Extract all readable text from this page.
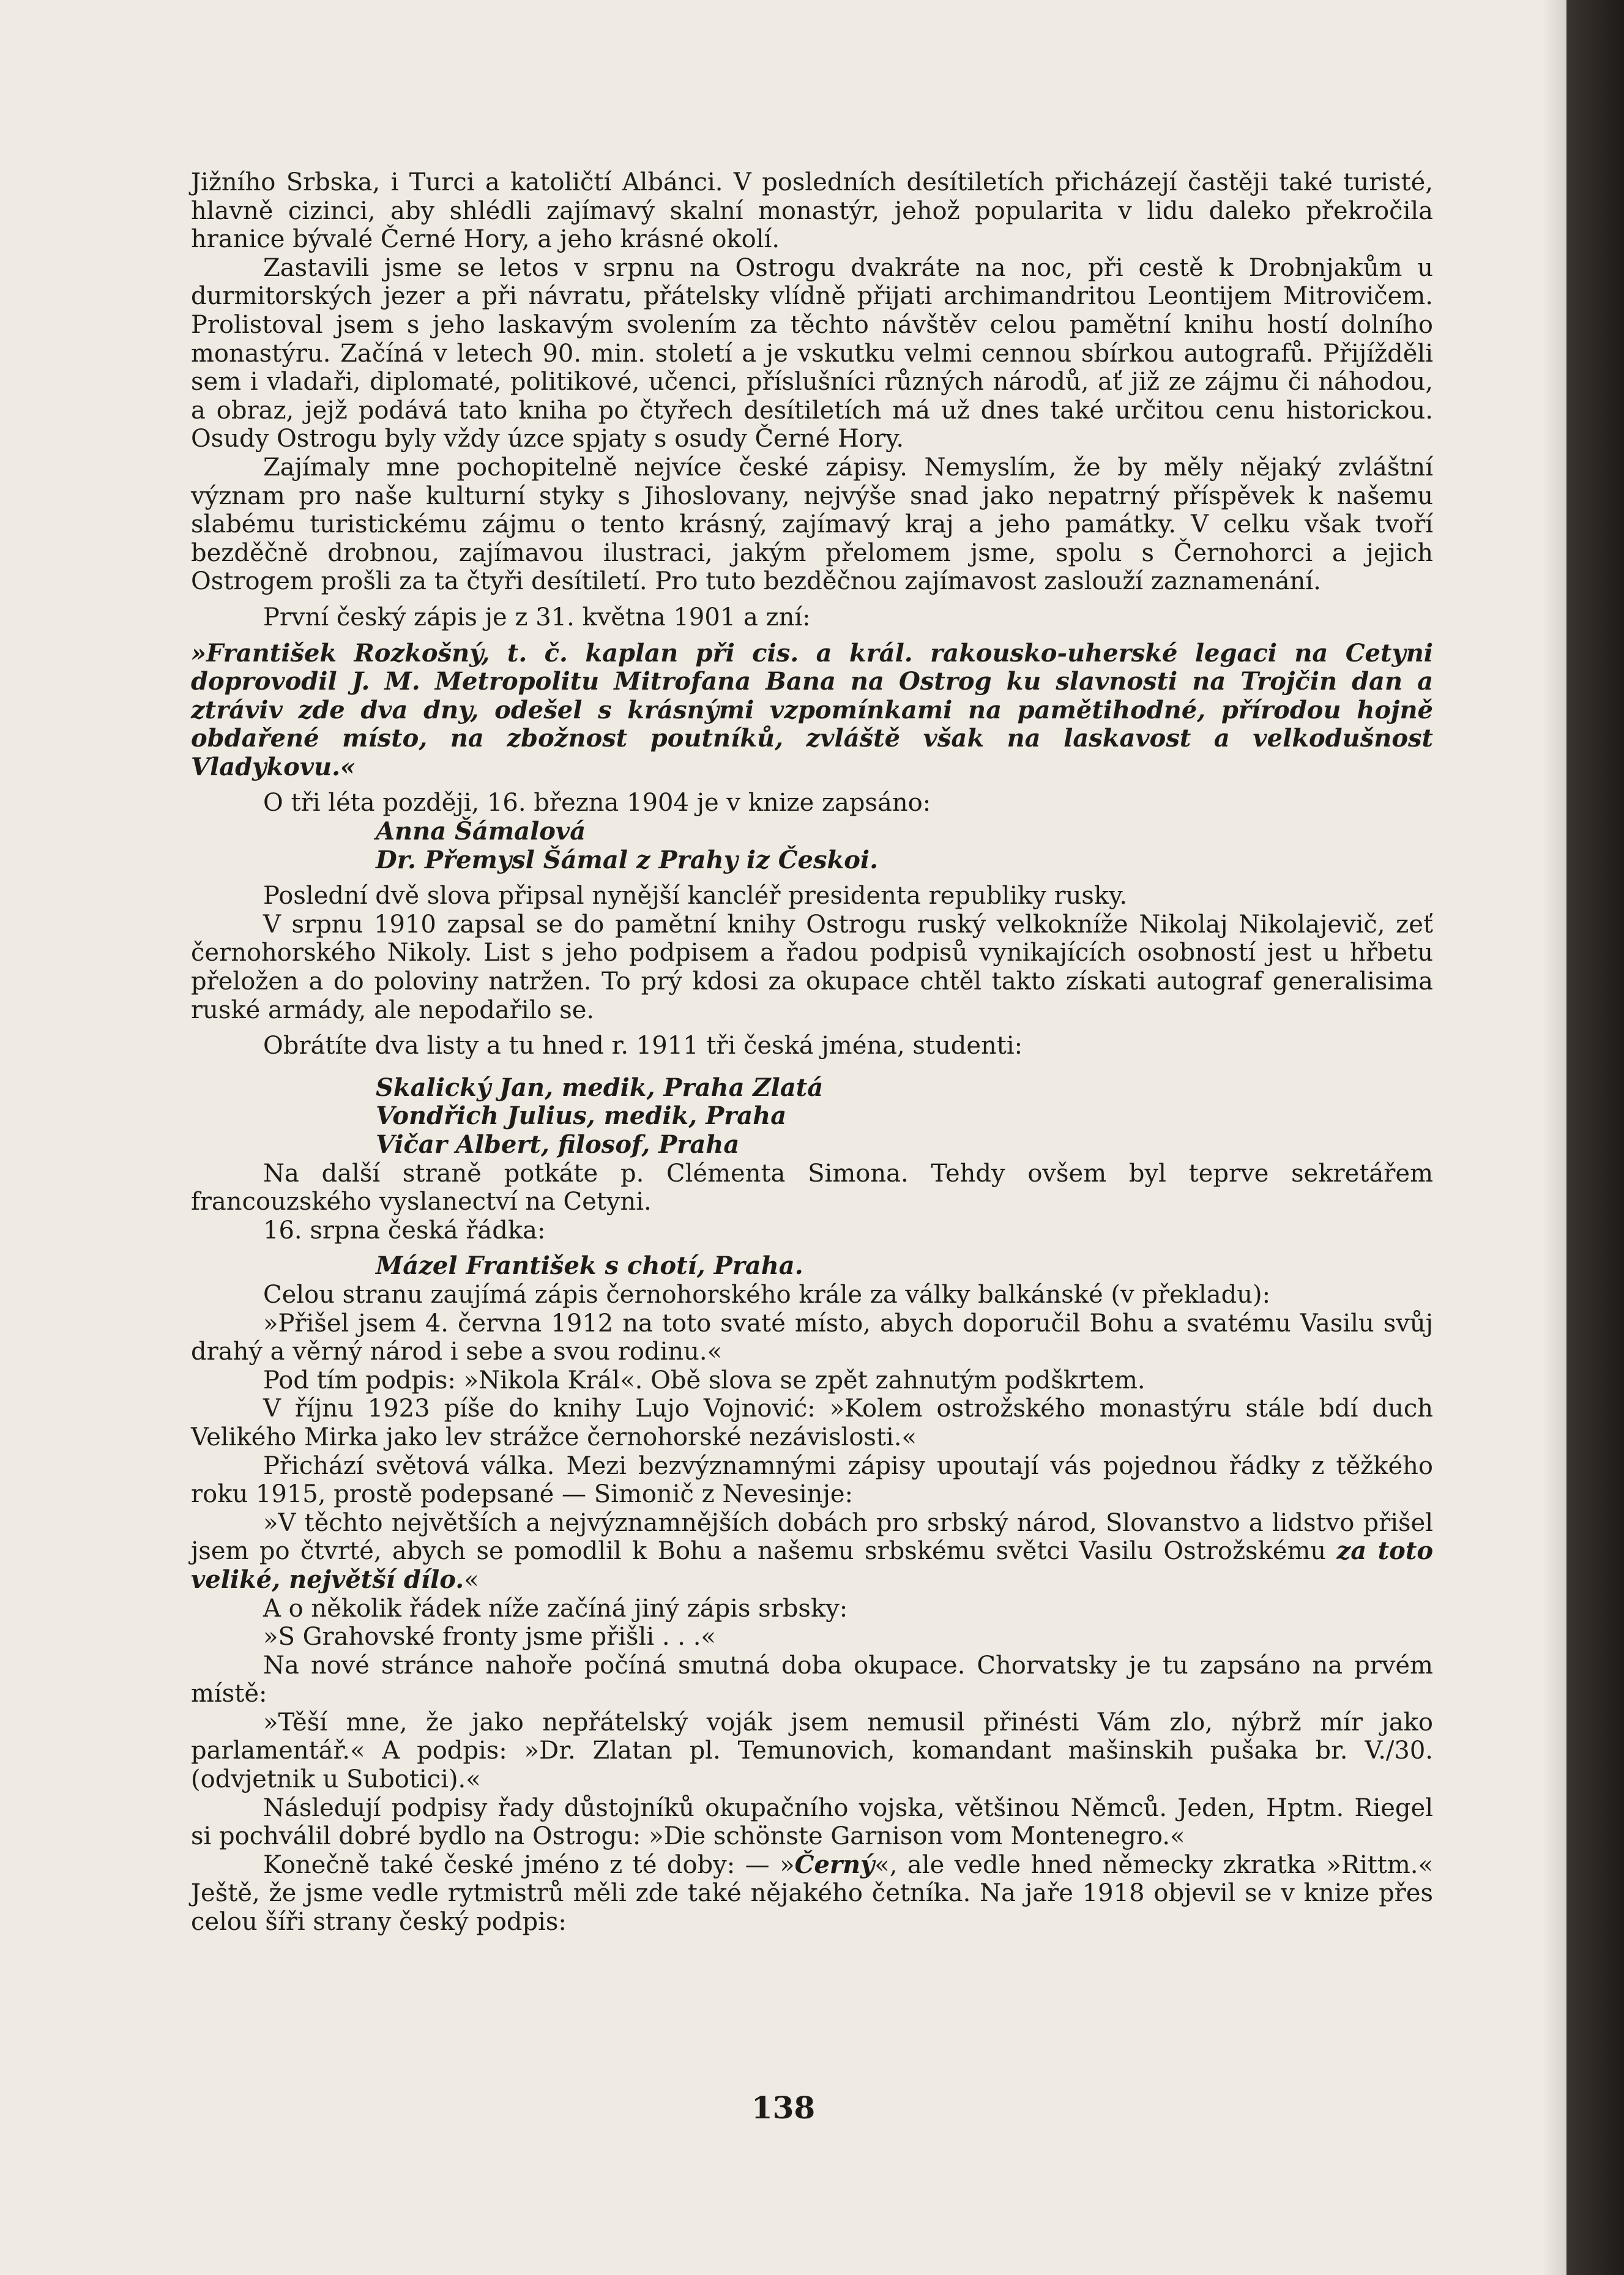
Jižního Srbska, i Turci a katoličtí Albánci. V posledních desítiletích přicházejí častěji také turisté, hlavně cizinci, aby shlédli zajímavý skalní monastýr, jehož popularita v lidu daleko překročila hranice bývalé Černé Hory, a jeho krásné okolí.

Zastavili jsme se letos v srpnu na Ostrogu dvakráte na noc, při cestě k Drobnjakům u durmitorských jezer a při návratu, přátelsky vlídně přijati archimandritou Leontijem Mitrovičem. Prolistoval jsem s jeho laskavým svolením za těchto návštěv celou pamětní knihu hostí dolního monastýru. Začíná v letech 90. min. století a je vskutku velmi cennou sbírkou autografů. Přijížděli sem i vladaři, diplomaté, politikové, učenci, příslušníci různých národů, ať již ze zájmu či náhodou, a obraz, jejž podává tato kniha po čtyřech desítiletích má už dnes také určitou cenu historickou. Osudy Ostrogu byly vždy úzce spjaty s osudy Černé Hory.

Zajímaly mne pochopitelně nejvíce české zápisy. Nemyslím, že by měly nějaký zvláštní význam pro naše kulturní styky s Jihoslovany, nejvýše snad jako nepatrný příspěvek k našemu slabému turistickému zájmu o tento krásný, zajímavý kraj a jeho památky. V celku však tvoří bezděčně drobnou, zajímavou ilustraci, jakým přelomem jsme, spolu s Černohorci a jejich Ostrogem prošli za ta čtyři desítiletí. Pro tuto bezděčnou zajímavost zaslouží zaznamenání.

První český zápis je z 31. května 1901 a zní:

»František Rozkošný, t. č. kaplan při cis. a král. rakousko-uherské legaci na Cetyni doprovodil J. M. Metropolitu Mitrofana Bana na Ostrog ku slavnosti na Trojčin dan a ztráviv zde dva dny, odešel s krásnými vzpomínkami na pamětihodné, přírodou hojně obdařené místo, na zbožnost poutníků, zvláště však na laskavost a velkodušnost Vladykovu.«

O tři léta později, 16. března 1904 je v knize zapsáno:

Anna Šámalová
Dr. Přemysl Šámal z Prahy iz Českoi.

Poslední dvě slova připsal nynější kancléř presidenta republiky rusky.

V srpnu 1910 zapsal se do pamětní knihy Ostrogu ruský velkokníže Nikolaj Nikolajevič, zeť černohorského Nikoly. List s jeho podpisem a řadou podpisů vynikajících osobností jest u hřbetu přeložen a do poloviny natržen. To prý kdosi za okupace chtěl takto získati autograf generalisima ruské armády, ale nepodařilo se.

Obrátíte dva listy a tu hned r. 1911 tři česká jména, studenti:

Skalický Jan, medik, Praha Zlatá
Vondřich Julius, medik, Praha
Vičar Albert, filosof, Praha

Na další straně potkáte p. Clémenta Simona. Tehdy ovšem byl teprve sekretářem francouzského vyslanectví na Cetyni.

16. srpna česká řádka:

Mázel František s chotí, Praha.

Celou stranu zaujímá zápis černohorského krále za války balkánské (v překladu):

»Přišel jsem 4. června 1912 na toto svaté místo, abych doporučil Bohu a svatému Vasilu svůj drahý a věrný národ i sebe a svou rodinu.«

Pod tím podpis: »Nikola Král«. Obě slova se zpět zahnutým podškrtem.

V říjnu 1923 píše do knihy Lujo Vojnović: »Kolem ostrožského monastýru stále bdí duch Velikého Mirka jako lev strážce černohorské nezávislosti.«

Přichází světová válka. Mezi bezvýznamnými zápisy upoutají vás pojednou řádky z těžkého roku 1915, prostě podepsané — Simonič z Nevesinje:

»V těchto největších a nejvýznamnějších dobách pro srbský národ, Slovanstvo a lidstvo přišel jsem po čtvrté, abych se pomodlil k Bohu a našemu srbskému světci Vasilu Ostrožskému za toto veliké, největší dílo.«

A o několik řádek níže začíná jiný zápis srbsky:

»S Grahovské fronty jsme přišli . . .«

Na nové stránce nahoře počíná smutná doba okupace. Chorvatsky je tu zapsáno na prvém místě:

»Těší mne, že jako nepřátelský voják jsem nemusil přinésti Vám zlo, nýbrž mír jako parlamentář.« A podpis: »Dr. Zlatan pl. Temunovich, komandant mašinskih pušaka br. V./30. (odvjetnik u Subotici).«

Následují podpisy řady důstojníků okupačního vojska, většinou Němců. Jeden, Hptm. Riegel si pochválil dobré bydlo na Ostrogu: »Die schönste Garnison vom Montenegro.«

Konečně také české jméno z té doby: — »Černý«, ale vedle hned německy zkratka »Rittm.« Ještě, že jsme vedle rytmistrů měli zde také nějakého četníka. Na jaře 1918 objevil se v knize přes celou šíři strany český podpis:

138
